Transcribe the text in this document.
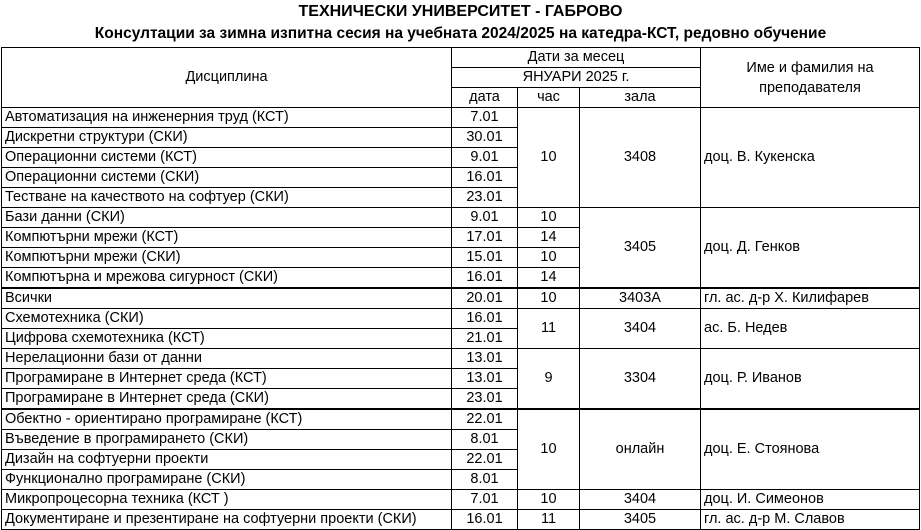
ТЕХНИЧЕСКИ УНИВЕРСИТЕТ - ГАБРОВО
Консултации за зимна изпитна сесия на учебната 2024/2025 на катедра-КСТ, редовно обучение
Дисциплина	Дати за месец			Име и фамилия на преподавателя
	ЯНУАРИ 2025 г.			
	дата	час	зала	
Автоматизация на инженерния труд (КСТ)	7.01	10	3408	доц. В. Кукенска
Дискретни структури (СКИ)	30.01			
Операционни системи (КСТ)	9.01			
Операционни системи (СКИ)	16.01			
Тестване на качеството на софтуер (СКИ)	23.01			
Бази данни (СКИ)	9.01	10	3405	доц. Д. Генков
Компютърни мрежи (КСТ)	17.01	14		
Компютърни мрежи (СКИ)	15.01	10		
Компютърна и мрежова сигурност (СКИ)	16.01	14		
Всички	20.01	10	3403А	гл. ас. д-р Х. Килифарев
Схемотехника (СКИ)	16.01	11	3404	ас. Б. Недев
Цифрова схемотехника (КСТ)	21.01			
Нерелационни бази от данни	13.01	9	3304	доц. Р. Иванов
Програмиране в Интернет среда (КСТ)	13.01			
Програмиране в Интернет среда (СКИ)	23.01			
Обектно - ориентирано програмиране (КСТ)	22.01	10	онлайн	доц. Е. Стоянова
Въведение в програмирането (СКИ)	8.01			
Дизайн на софтуерни проекти	22.01			
Функционално програмиране (СКИ)	8.01			
Микропроцесорна техника (КСТ )	7.01	10	3404	доц. И. Симеонов
Документиране и презентиране на софтуерни проекти (СКИ)	16.01	11	3405	гл. ас. д-р М. Славов
